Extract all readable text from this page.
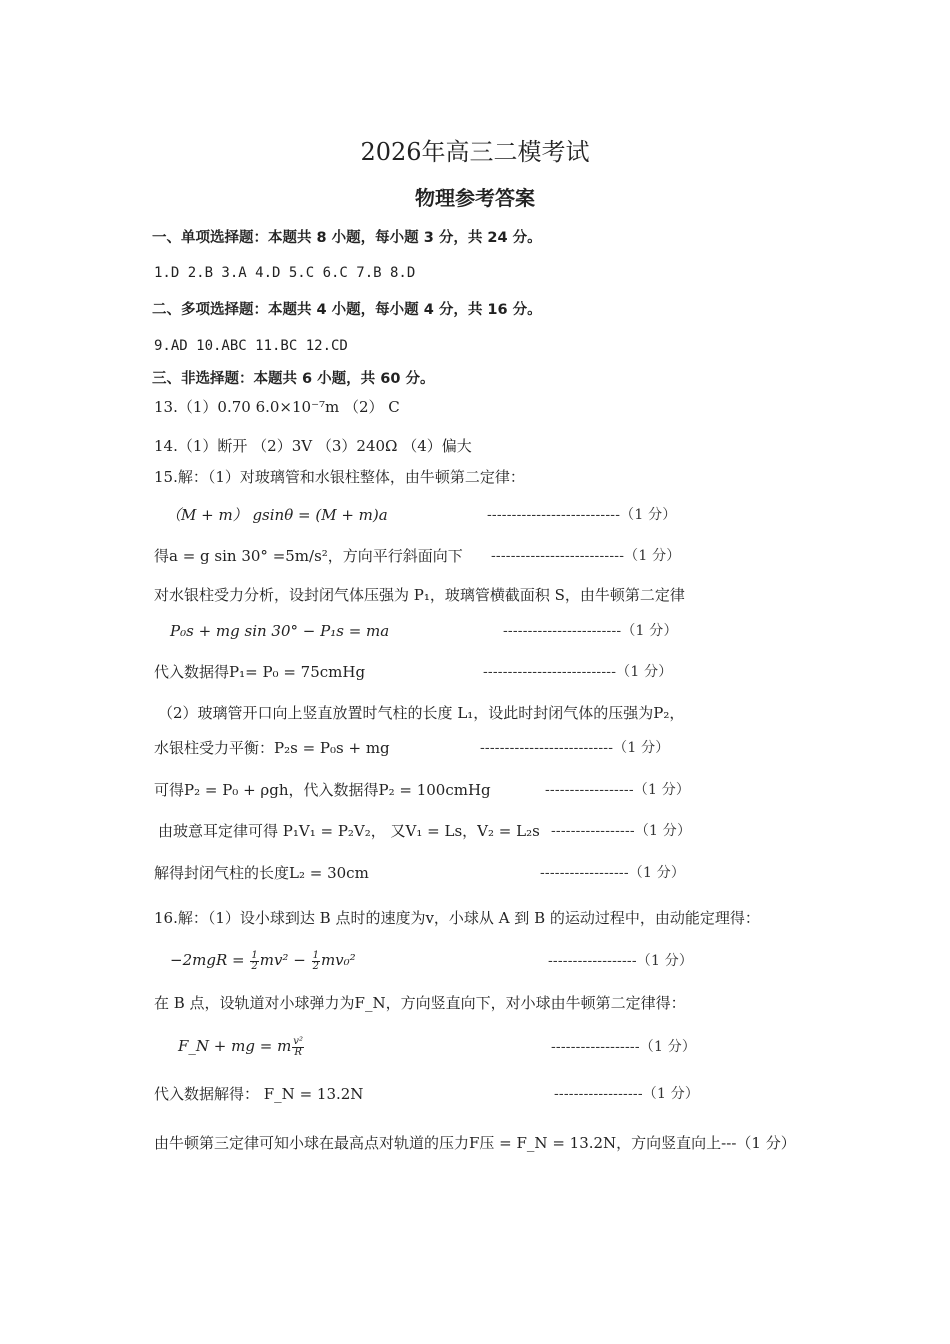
2026年高三二模考试
物理参考答案
一、单项选择题：本题共 8 小题，每小题 3 分，共 24 分。
1.D 2.B 3.A 4.D 5.C 6.C 7.B 8.D
二、多项选择题：本题共 4 小题，每小题 4 分，共 16 分。
9.AD 10.ABC 11.BC 12.CD
三、非选择题：本题共 6 小题，共 60 分。
13.（1）0.70 6.0×10⁻⁷m （2） C
14.（1）断开 （2）3V （3）240Ω （4）偏大
15.解：（1）对玻璃管和水银柱整体，由牛顿第二定律：
（M + m） gsinθ = (M + m)a	---------------------------（1 分）
得a = g sin 30° =5m/s²，方向平行斜面向下 ---------------------------（1 分）
对水银柱受力分析，设封闭气体压强为 P₁，玻璃管横截面积 S，由牛顿第二定律
P₀s + mg sin 30° − P₁s = ma	------------------------（1 分）
代入数据得P₁= P₀ = 75cmHg	---------------------------（1 分）
（2）玻璃管开口向上竖直放置时气柱的长度 L₁，设此时封闭气体的压强为P₂，
水银柱受力平衡：P₂s = P₀s + mg	---------------------------（1 分）
可得P₂ = P₀ + ρgh，代入数据得P₂ = 100cmHg	------------------（1 分）
由玻意耳定律可得 P₁V₁ = P₂V₂， 又V₁ = Ls，V₂ = L₂s -----------------（1 分）
解得封闭气柱的长度L₂ = 30cm	------------------（1 分）
16.解：（1）设小球到达 B 点时的速度为v，小球从 A 到 B 的运动过程中，由动能定理得：
$-2mgR = \frac{1}{2} mv^2 - \frac{1}{2} mv_0^2$	------------------（1 分）
在 B 点，设轨道对小球弹力为F_N，方向竖直向下，对小球由牛顿第二定律得：
F_N + mg = m $\frac{\text{v²}}{R}$	------------------（1 分）
代入数据解得： F_N = 13.2N	------------------（1 分）
由牛顿第三定律可知小球在最高点对轨道的压力F压 = F_N = 13.2N，方向竖直向上---（1 分）
